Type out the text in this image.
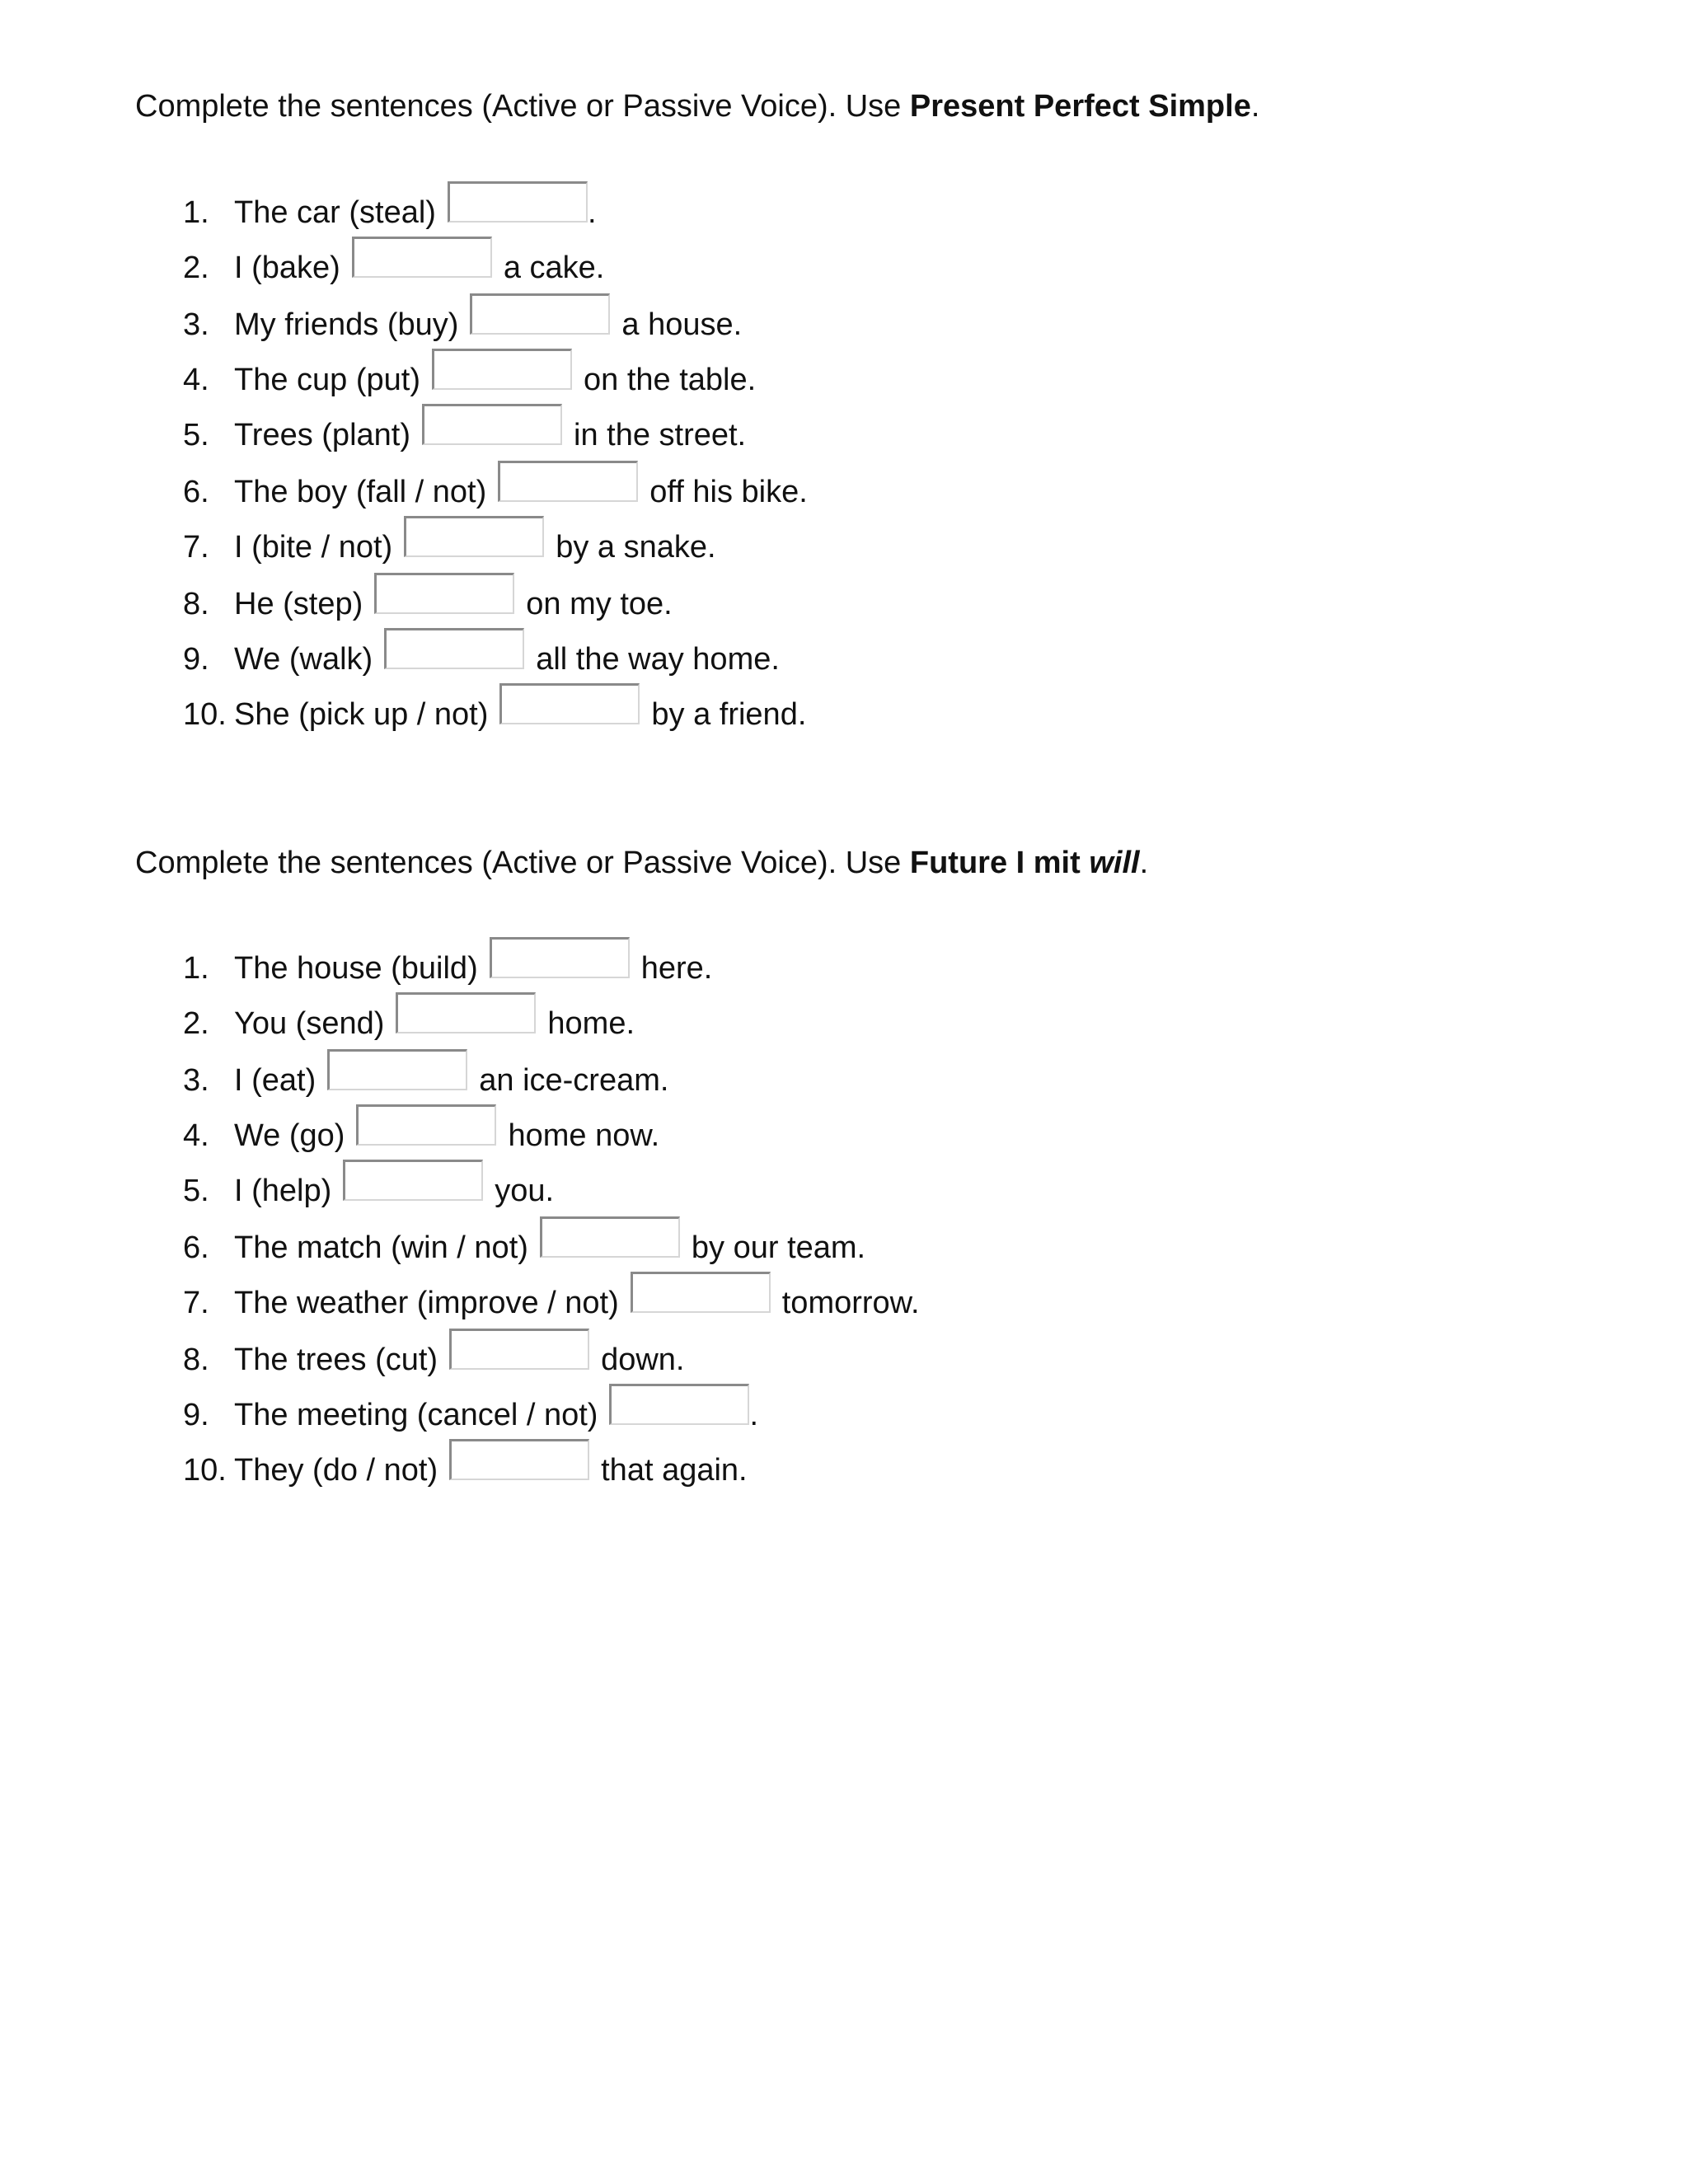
Complete the sentences (Active or Passive Voice). Use Present Perfect Simple.

1. The car (steal)	.
2. I (bake)	a cake.
3. My friends (buy)	a house.
4. The cup (put)	on the table.
5. Trees (plant)	in the street.
6. The boy (fall / not)	off his bike.
7. I (bite / not)	by a snake.
8. He (step)	on my toe.
9. We (walk)	all the way home.
10. She (pick up / not)	by a friend.

Complete the sentences (Active or Passive Voice). Use Future I mit will.

1. The house (build)	here.
2. You (send)	home.
3. I (eat)	an ice-cream.
4. We (go)	home now.
5. I (help)	you.
6. The match (win / not)	by our team.
7. The weather (improve / not)	tomorrow.
8. The trees (cut)	down.
9. The meeting (cancel / not)	.
10. They (do / not)	that again.
